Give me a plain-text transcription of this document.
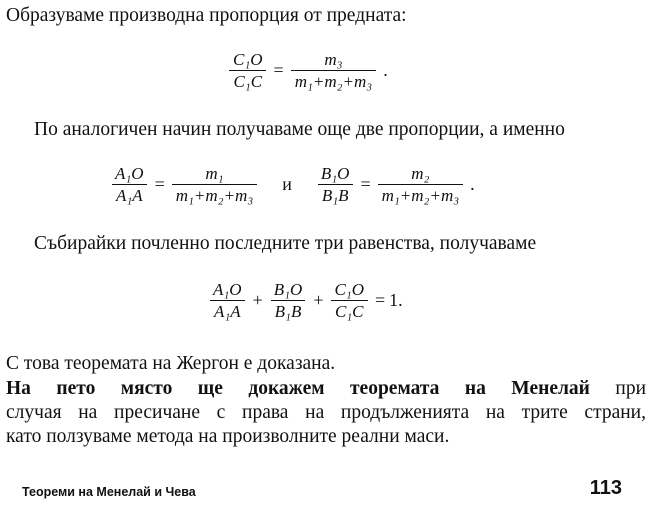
Образуваме производна пропорция от предната:
$\frac{\text{C₁O}}{\text{C₁C}} = \frac{\text{m₃}}{\text{m₁+m₂+m₃}}$ .
По аналогичен начин получаваме още две пропорции, а именно
$\frac{\text{A₁O}}{\text{A₁A}} = \frac{\text{m₁}}{\text{m₁+m₂+m₃}}$ и $\frac{\text{B₁O}}{\text{B₁B}} = \frac{\text{m₂}}{\text{m₁+m₂+m₃}}$ .
Събирайки почленно последните три равенства, получаваме
$\frac{\text{A₁O}}{\text{A₁A}} + \frac{\text{B₁O}}{\text{B₁B}} + \frac{\text{C₁O}}{\text{C₁C}} = 1$.
С това теоремата на Жергон е доказана.
На пето място ще докажем теоремата на Менелай при
случая на пресичане с права на продълженията на трите страни,
като ползуваме метода на произволните реални маси.
Теореми на Менелай и Чева	113
